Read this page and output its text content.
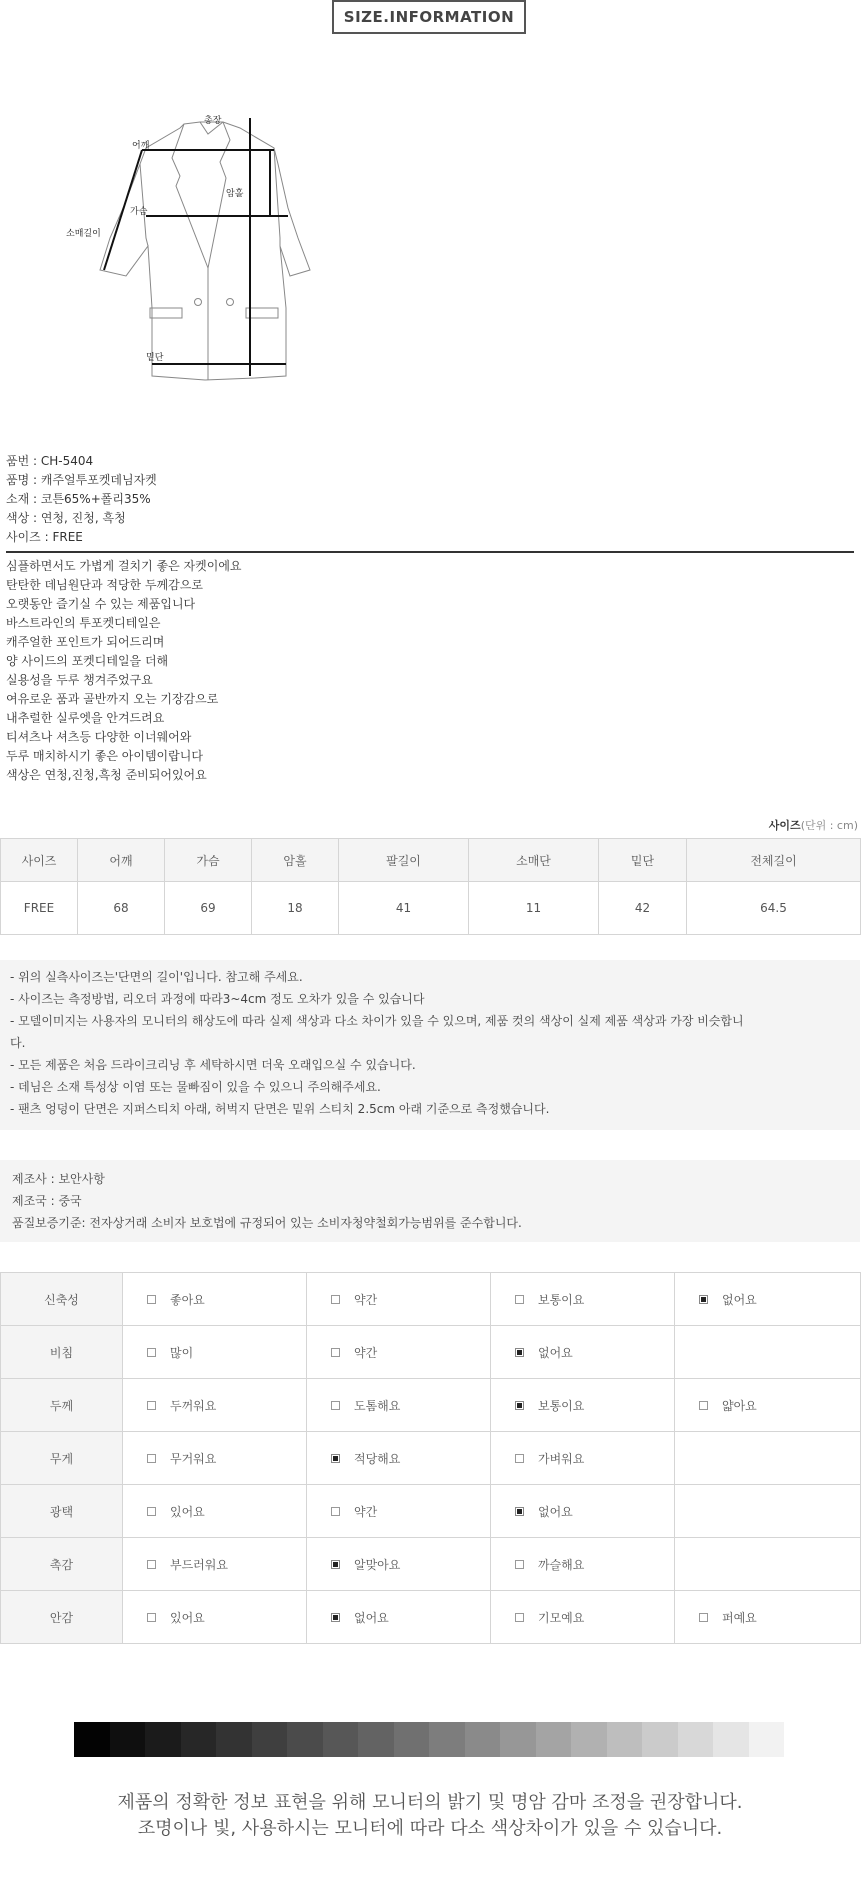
SIZE.INFORMATION
총장
어깨
암홀
가슴
소매길이
밑단
품번 : CH-5404
품명 : 캐주얼투포켓데님자켓
소재 : 코튼65%+폴리35%
색상 : 연청, 진청, 흑청
사이즈 : FREE
심플하면서도 가볍게 걸치기 좋은 자켓이에요
탄탄한 데님원단과 적당한 두께감으로
오랫동안 즐기실 수 있는 제품입니다
바스트라인의 투포켓디테일은
캐주얼한 포인트가 되어드리며
양 사이드의 포켓디테일을 더해
실용성을 두루 챙겨주었구요
여유로운 품과 골반까지 오는 기장감으로
내추럴한 실루엣을 안겨드려요
티셔츠나 셔츠등 다양한 이너웨어와
두루 매치하시기 좋은 아이템이랍니다
색상은 연청,진청,흑청 준비되어있어요
사이즈(단위 : cm)
사이즈	어깨	가슴	암홀	팔길이	소매단	밑단	전체길이
FREE	68	69	18	41	11	42	64.5
- 위의 실측사이즈는'단면의 길이'입니다. 참고해 주세요.
- 사이즈는 측정방법, 리오더 과정에 따라3~4cm 정도 오차가 있을 수 있습니다
- 모델이미지는 사용자의 모니터의 해상도에 따라 실제 색상과 다소 차이가 있을 수 있으며, 제품 컷의 색상이 실제 제품 색상과 가장 비슷합니
다.
- 모든 제품은 처음 드라이크리닝 후 세탁하시면 더욱 오래입으실 수 있습니다.
- 데님은 소재 특성상 이염 또는 물빠짐이 있을 수 있으니 주의해주세요.
- 팬츠 엉덩이 단면은 지퍼스티치 아래, 허벅지 단면은 밑위 스티치 2.5cm 아래 기준으로 측정했습니다.
제조사 : 보안사항
제조국 : 중국
품질보증기준: 전자상거래 소비자 보호법에 규정되어 있는 소비자청약철회가능범위를 준수합니다.
신축성	좋아요	약간	보통이요	없어요
비침	많이	약간	없어요	
두께	두꺼워요	도톰해요	보통이요	얇아요
무게	무거워요	적당해요	가벼워요	
광택	있어요	약간	없어요	
촉감	부드러워요	알맞아요	까슬해요	
안감	있어요	없어요	기모예요	퍼예요
제품의 정확한 정보 표현을 위해 모니터의 밝기 및 명암 감마 조정을 권장합니다.
조명이나 빛, 사용하시는 모니터에 따라 다소 색상차이가 있을 수 있습니다.
